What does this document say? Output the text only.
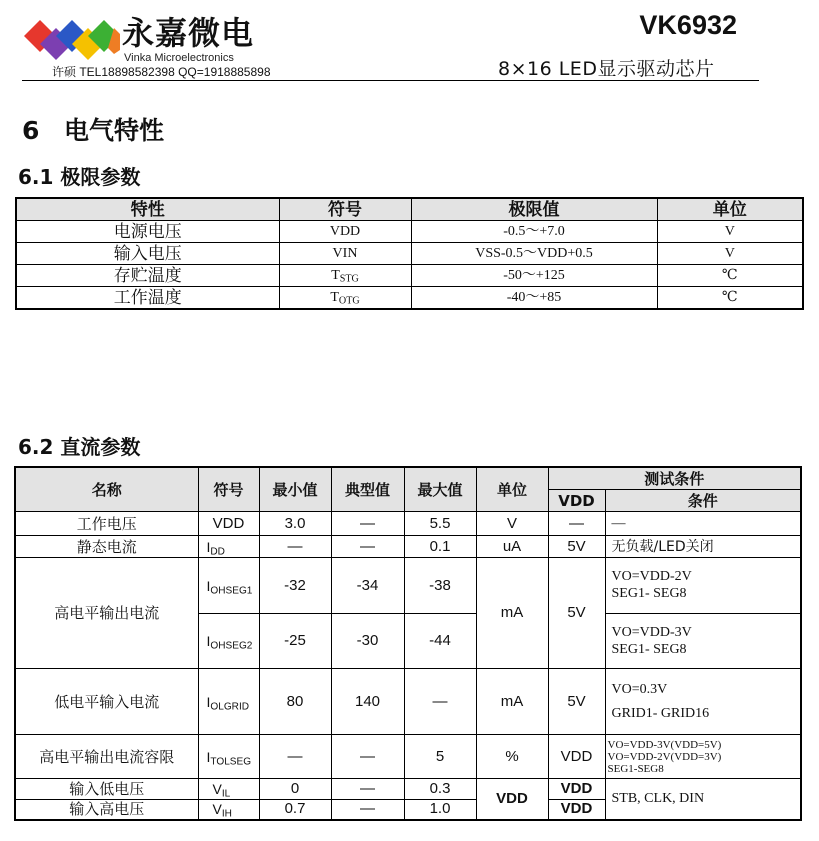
永嘉微电
Vinka Microelectronics
许硕 TEL18898582398 QQ=1918885898
VK6932
8×16 LED显示驱动芯片
6 电气特性
6.1 极限参数
特性	符号	极限值	单位
电源电压	VDD	-0.5～+7.0	V
输入电压	VIN	VSS-0.5～VDD+0.5	V
存贮温度	$T_{STG}$	-50～+125	℃
工作温度	$T_{OTG}$	-40～+85	℃
6.2 直流参数
名称	符号	最小值	典型值	最大值	单位	测试条件	
						VDD	条件
工作电压	VDD	3.0	—	5.5	V	—	—
静态电流	$I_{DD}$	—	—	0.1	uA	5V	无负载/LED关闭
高电平输出电流	$I_{OHSEG1}$	-32	-34	-38	mA	5V	VO=VDD-2V
SEG1- SEG8

	$I_{OHSEG2}$	-25	-30	-44			VO=VDD-3V
SEG1- SEG8

低电平输入电流	$I_{OLGRID}$	80	140	—	mA	5V	VO=0.3V
GRID1- GRID16

高电平输出电流容限	$I_{TOLSEG}$	—	—	5	%	VDD	VO=VDD-3V(VDD=5V)
VO=VDD-2V(VDD=3V)
SEG1-SEG8

输入低电压	$V_{IL}$	0	—	0.3	VDD	VDD	STB, CLK, DIN
输入高电压	$V_{IH}$	0.7	—	1.0		VDD	
